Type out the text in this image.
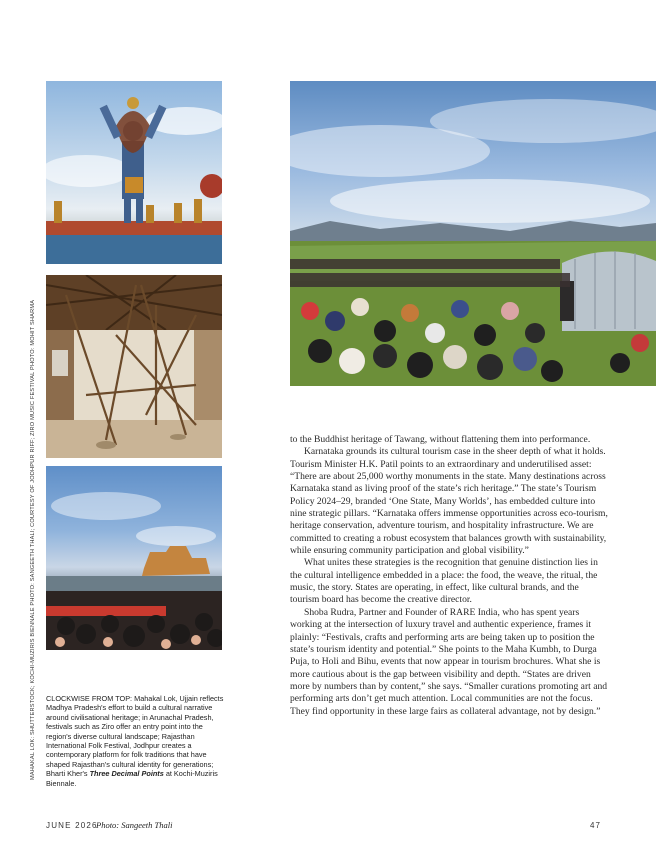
MAHAKAL LOK: SHUTTERSTOCK; KOCHI-MUZIRIS BIENNALE PHOTO: SANGEETH THALI; COURTESY OF JODHPUR RIFF; ZIRO MUSIC FESTIVAL PHOTO: MOHIT SHARMA CLOCKWISE FROM TOP: Mahakal Lok, Ujjain reflects Madhya Pradesh's effort to build a cultural narrative around civilisational heritage; in Arunachal Pradesh, festivals such as Ziro offer an entry point into the region's diverse cultural landscape; Rajasthan International Folk Festival, Jodhpur creates a contemporary platform for folk traditions that have shaped Rajasthan's cultural identity for generations; Bharti Kher's Three Decimal Points at Kochi-Muziris Biennale.

to the Buddhist heritage of Tawang, without flattening them into performance.

Karnataka grounds its cultural tourism case in the sheer depth of what it holds. Tourism Minister H.K. Patil points to an extraordinary and underutilised asset: “There are about 25,000 worthy monuments in the state. Many destinations across Karnataka stand as living proof of the state’s rich heritage.” The state’s Tourism Policy 2024–29, branded ‘One State, Many Worlds’, has embedded culture into nine strategic pillars. “Karnataka offers immense opportunities across eco-tourism, heritage conservation, adventure tourism, and hospitality infrastructure. We are committed to creating a robust ecosystem that balances growth with sustainability, while ensuring community participation and global visibility.”

What unites these strategies is the recognition that genuine distinction lies in the cultural intelligence embedded in a place: the food, the weave, the ritual, the music, the story. States are operating, in effect, like cultural brands, and the tourism board has become the creative director.

Shoba Rudra, Partner and Founder of RARE India, who has spent years working at the intersection of luxury travel and authentic experience, frames it plainly: “Festivals, crafts and performing arts are being taken up to position the state’s tourism identity and potential.” She points to the Maha Kumbh, to Durga Puja, to Holi and Bihu, events that now appear in tourism brochures. What she is more cautious about is the gap between visibility and depth. “States are driven more by numbers than by content,” she says. “Smaller curations promoting art and performing arts don’t get much attention. Local communities are not the focus. They find opportunity in these large fairs as collateral advantage, not by design.”

JUNE 2026
Photo: Sangeeth Thali	47
